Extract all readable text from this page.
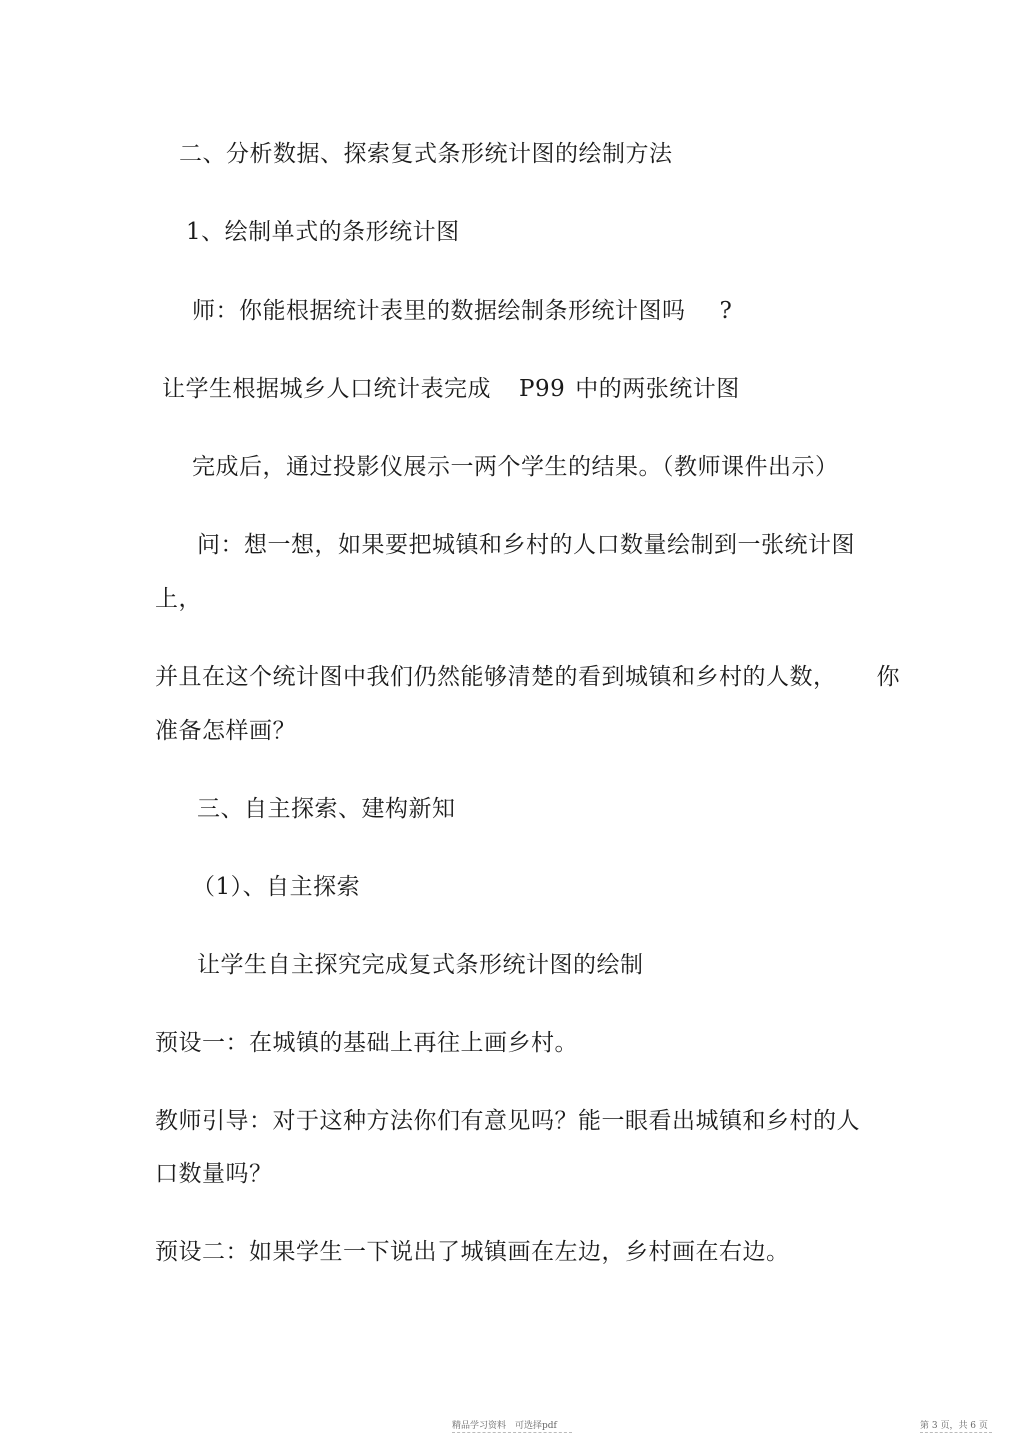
二、分析数据、探索复式条形统计图的绘制方法
1、绘制单式的条形统计图
师：你能根据统计表里的数据绘制条形统计图吗 ?
让学生根据城乡人口统计表完成 P99 中的两张统计图
完成后，通过投影仪展示一两个学生的结果。（教师课件出示）
问：想一想，如果要把城镇和乡村的人口数量绘制到一张统计图
上，
并且在这个统计图中我们仍然能够清楚的看到城镇和乡村的人数， 你
准备怎样画？
三、自主探索、建构新知
（1）、自主探索
让学生自主探究完成复式条形统计图的绘制
预设一：在城镇的基础上再往上画乡村。
教师引导：对于这种方法你们有意见吗？能一眼看出城镇和乡村的人
口数量吗？
预设二：如果学生一下说出了城镇画在左边，乡村画在右边。
精品学习资料　可选择pdf	第 3 页，共 6 页
